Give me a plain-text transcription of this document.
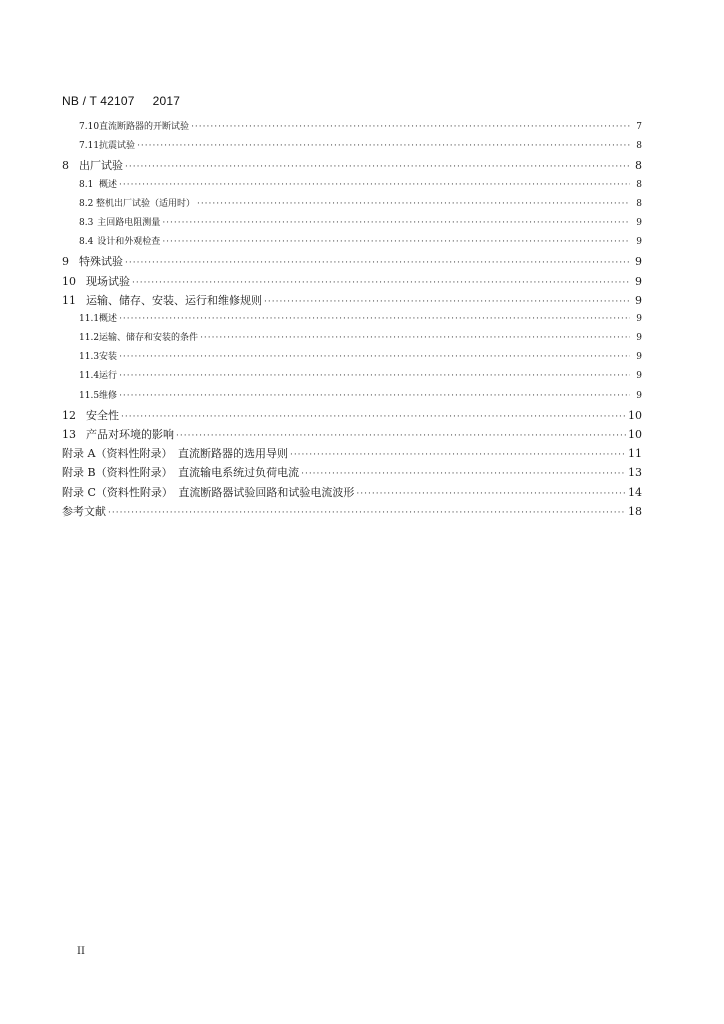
NB / T 42107 2017
7.10 直流断路器的开断试验 ·····	7
7.11 抗震试验 ·····	8
8 出厂试验 ·····	8
8.1 概述 ·····	8
8.2 整机出厂试验（适用时） ·····	8
8.3 主回路电阻测量 ·····	9
8.4 设计和外观检查 ·····	9
9 特殊试验 ·····	9
10 现场试验 ·····	9
11 运输、储存、安装、运行和维修规则 ·····	9
11.1 概述 ·····	9
11.2 运输、储存和安装的条件 ·····	9
11.3 安装 ·····	9
11.4 运行 ·····	9
11.5 维修 ·····	9
12 安全性 ·····	10
13 产品对环境的影响 ·····	10
附录 A（资料性附录）　直流断路器的选用导则 ·····	11
附录 B（资料性附录）　直流输电系统过负荷电流 ·····	13
附录 C（资料性附录）　直流断路器试验回路和试验电流波形 ·····	14
参考文献 ·····	18
II
